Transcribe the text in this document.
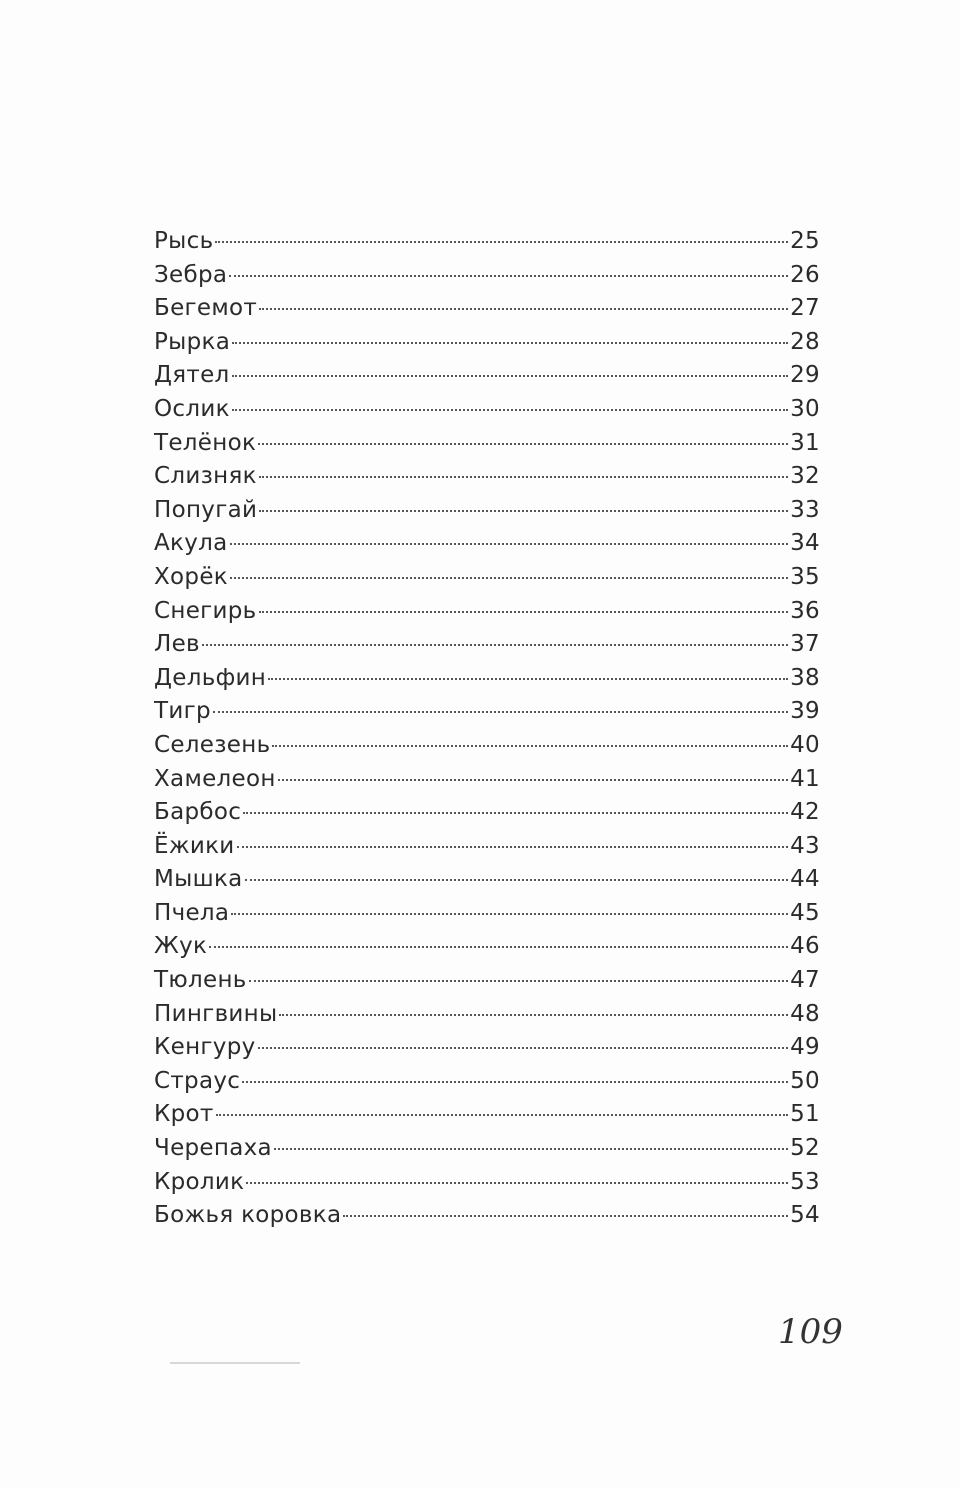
Рысь	25
Зебра	26
Бегемот	27
Рырка	28
Дятел	29
Ослик	30
Телёнок	31
Слизняк	32
Попугай	33
Акула	34
Хорёк	35
Снегирь	36
Лев	37
Дельфин	38
Тигр	39
Селезень	40
Хамелеон	41
Барбос	42
Ёжики	43
Мышка	44
Пчела	45
Жук	46
Тюлень	47
Пингвины	48
Кенгуру	49
Страус	50
Крот	51
Черепаха	52
Кролик	53
Божья коровка	54
109
